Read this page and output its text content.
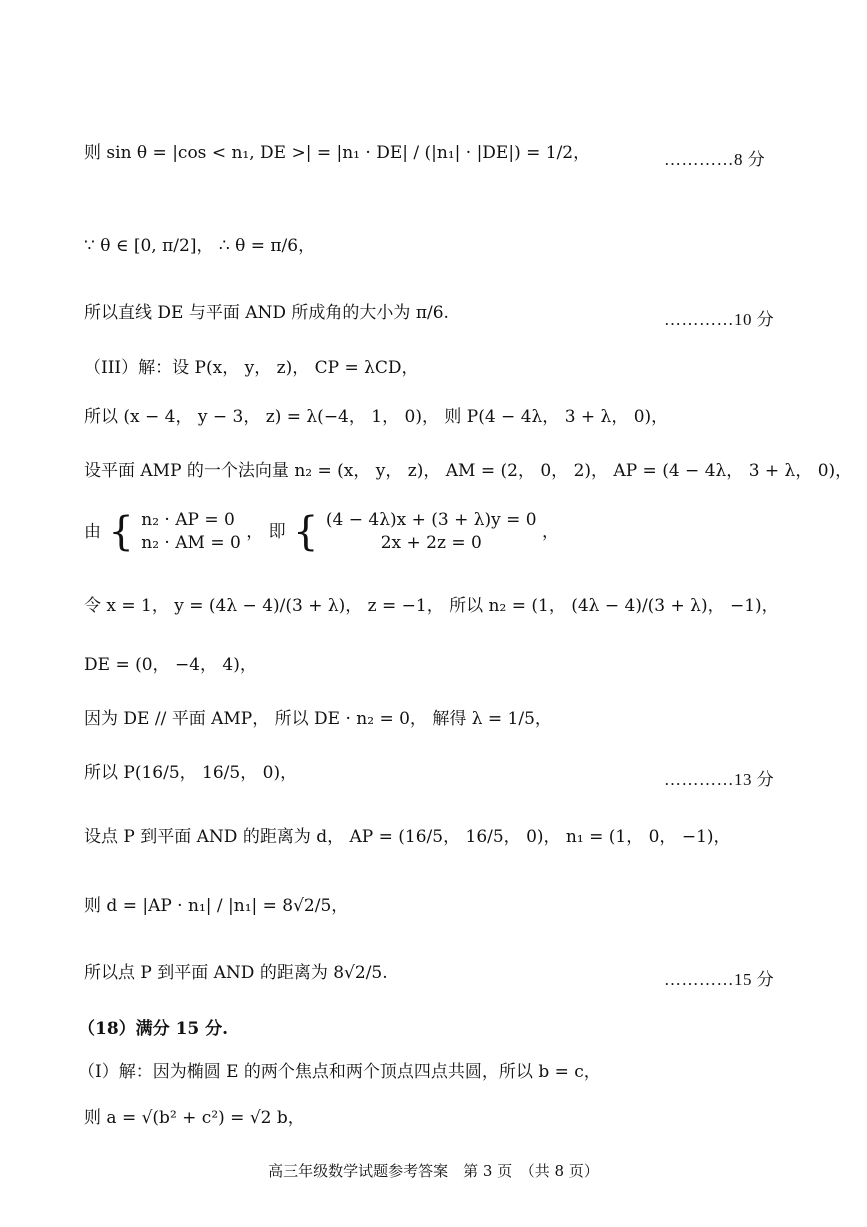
则 sin θ = |cos < n₁, DE >| = |n₁ · DE| / (|n₁| · |DE|) = 1/2，	…………8 分
∵ θ ∈ [0, π/2]， ∴ θ = π/6，
所以直线 DE 与平面 AND 所成角的大小为 π/6.	…………10 分
（III）解：设 P(x， y， z)， CP = λCD，
所以 (x − 4， y − 3， z) = λ(−4， 1， 0)， 则 P(4 − 4λ， 3 + λ， 0)，
设平面 AMP 的一个法向量 n₂ = (x， y， z)， AM = (2， 0， 2)， AP = (4 − 4λ， 3 + λ， 0)，
由 { n₂ · AP = 0
n₂ · AM = 0
， 即 { (4 − 4λ)x + (3 + λ)y = 0
2x + 2z = 0
，
令 x = 1， y = (4λ − 4)/(3 + λ)， z = −1， 所以 n₂ = (1， (4λ − 4)/(3 + λ)， −1)，
DE = (0， −4， 4)，
因为 DE // 平面 AMP， 所以 DE · n₂ = 0， 解得 λ = 1/5，
所以 P(16/5， 16/5， 0)，	…………13 分
设点 P 到平面 AND 的距离为 d， AP = (16/5， 16/5， 0)， n₁ = (1， 0， −1)，
则 d = |AP · n₁| / |n₁| = 8√2/5，
所以点 P 到平面 AND 的距离为 8√2/5.	…………15 分
（18）满分 15 分.
（Ⅰ）解：因为椭圆 E 的两个焦点和两个顶点四点共圆，所以 b = c，
则 a = √(b² + c²) = √2 b，
高三年级数学试题参考答案　第 3 页　（共 8 页）
